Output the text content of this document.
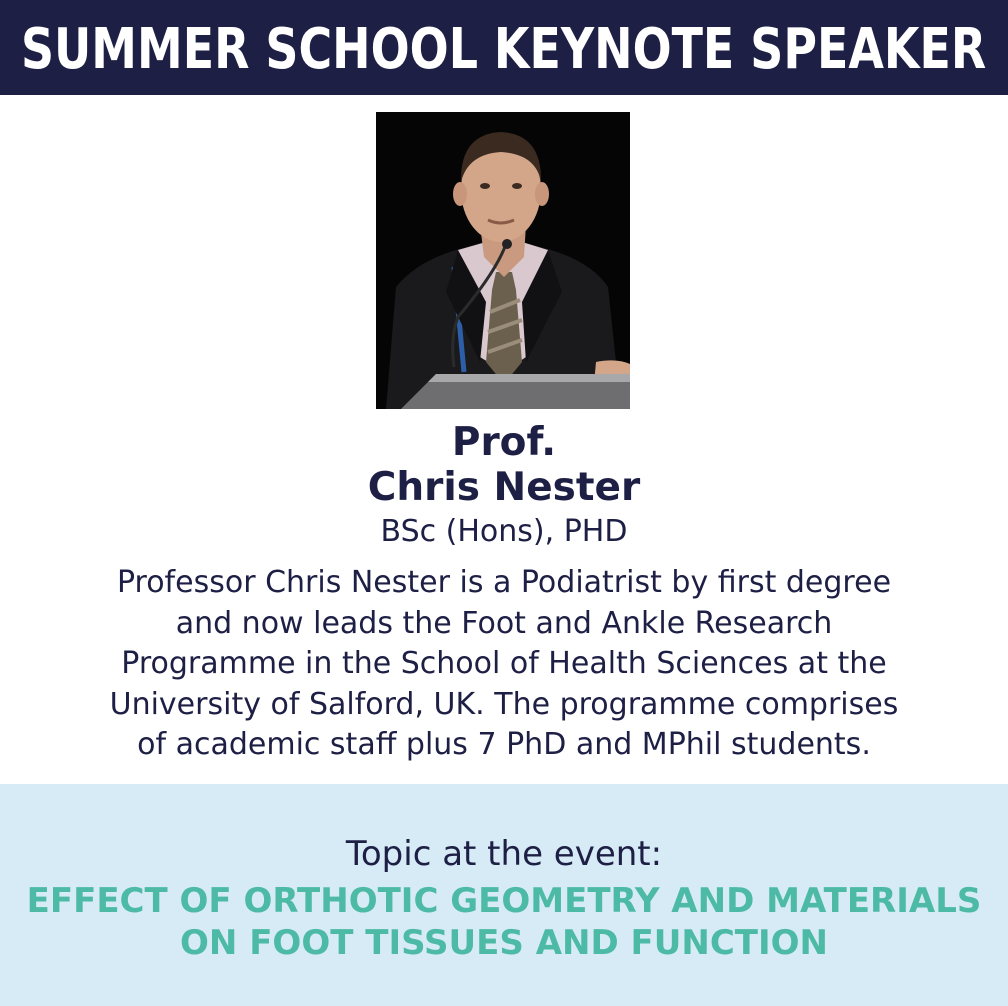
SUMMER SCHOOL KEYNOTE SPEAKER
Prof.
Chris Nester
BSc (Hons), PHD
Professor Chris Nester is a Podiatrist by first degree
and now leads the Foot and Ankle Research
Programme in the School of Health Sciences at the
University of Salford, UK. The programme comprises
of academic staff plus 7 PhD and MPhil students.
Topic at the event:
EFFECT OF ORTHOTIC GEOMETRY AND MATERIALS
ON FOOT TISSUES AND FUNCTION
